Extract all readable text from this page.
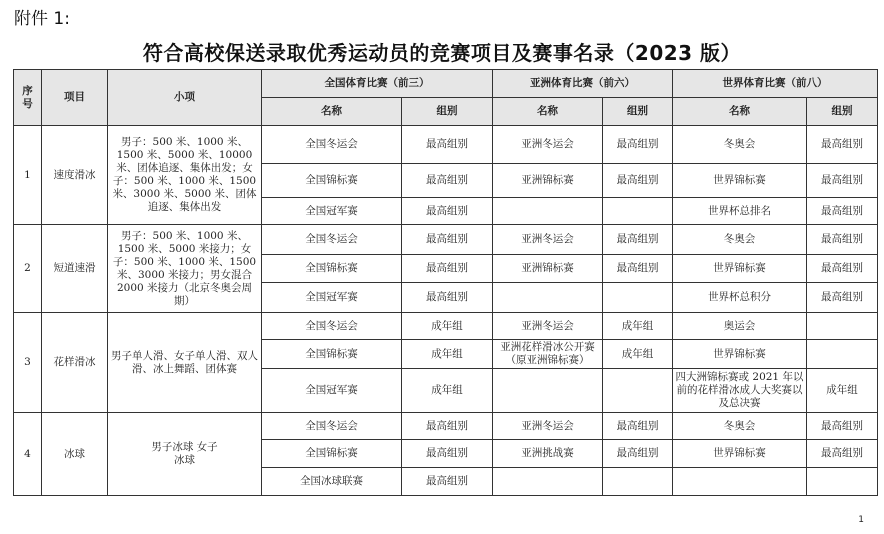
附件 1:
符合高校保送录取优秀运动员的竞赛项目及赛事名录（2023 版）
序号	项目	小项	全国体育比赛（前三）		亚洲体育比赛（前六）		世界体育比赛（前八）	
			名称	组别	名称	组别	名称	组别
1	速度滑冰	男子：500 米、1000 米、1500 米、5000 米、10000 米、团体追逐、集体出发；女子：500 米、1000 米、1500 米、3000 米、5000 米、团体追逐、集体出发	全国冬运会	最高组别	亚洲冬运会	最高组别	冬奥会	最高组别
			全国锦标赛	最高组别	亚洲锦标赛	最高组别	世界锦标赛	最高组别
			全国冠军赛	最高组别			世界杯总排名	最高组别
2	短道速滑	男子：500 米、1000 米、1500 米、5000 米接力；女子：500 米、1000 米、1500 米、3000 米接力；男女混合 2000 米接力（北京冬奥会周期）	全国冬运会	最高组别	亚洲冬运会	最高组别	冬奥会	最高组别
			全国锦标赛	最高组别	亚洲锦标赛	最高组别	世界锦标赛	最高组别
			全国冠军赛	最高组别			世界杯总积分	最高组别
3	花样滑冰	男子单人滑、女子单人滑、双人滑、冰上舞蹈、团体赛	全国冬运会	成年组	亚洲冬运会	成年组	奥运会	
			全国锦标赛	成年组	亚洲花样滑冰公开赛（原亚洲锦标赛）	成年组	世界锦标赛	
			全国冠军赛	成年组			四大洲锦标赛或 2021 年以前的花样滑冰成人大奖赛以及总决赛	成年组
4	冰球	男子冰球 女子冰球	全国冬运会	最高组别	亚洲冬运会	最高组别	冬奥会	最高组别
			全国锦标赛	最高组别	亚洲挑战赛	最高组别	世界锦标赛	最高组别
			全国冰球联赛	最高组别				
1
